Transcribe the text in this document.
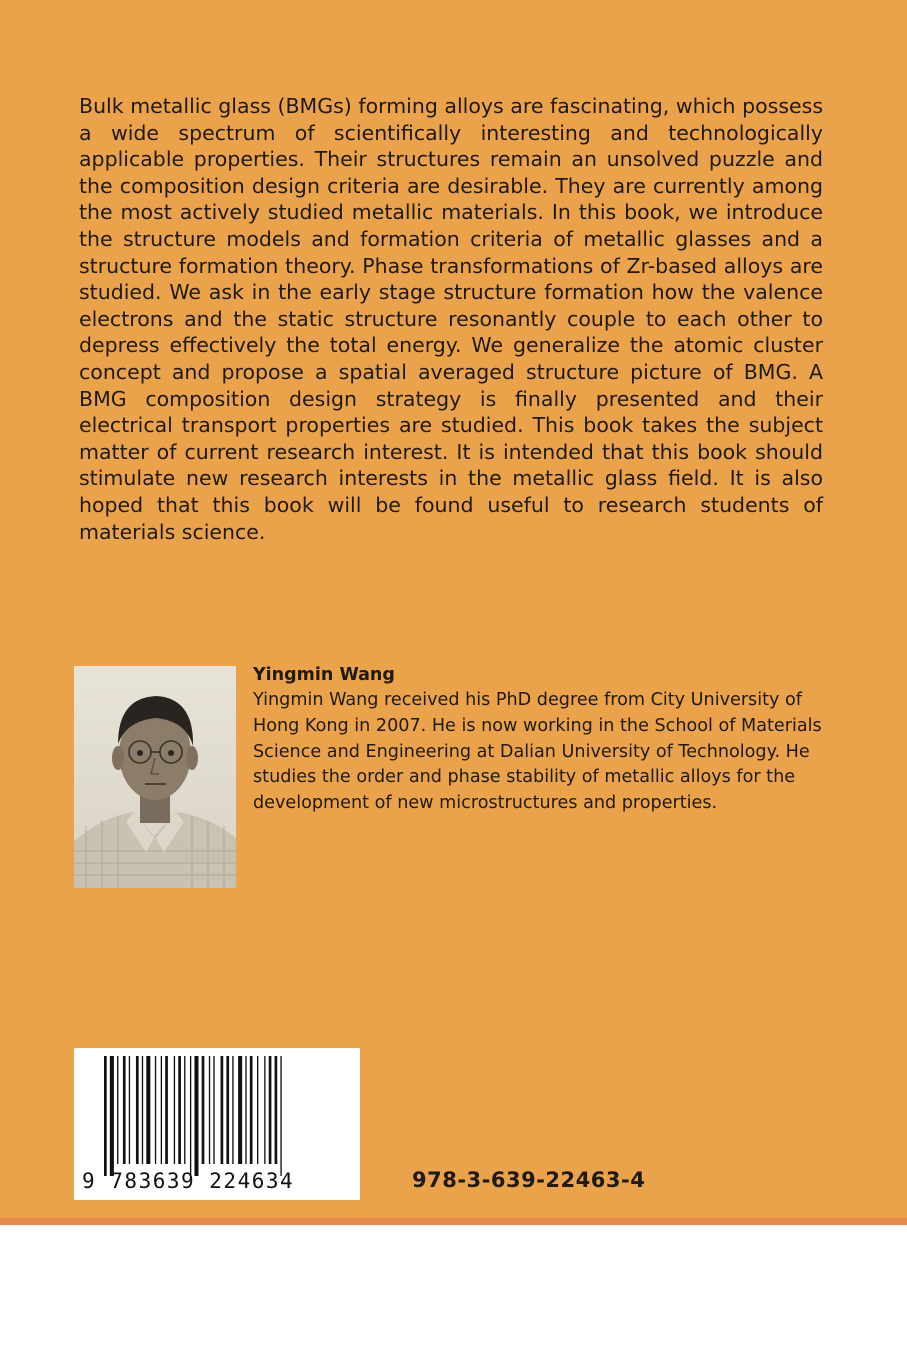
Bulk metallic glass (BMGs) forming alloys are fascinating, which possess a wide spectrum of scientifically interesting and technologically applicable properties. Their structures remain an unsolved puzzle and the composition design criteria are desirable. They are currently among the most actively studied metallic materials. In this book, we introduce the structure models and formation criteria of metallic glasses and a structure formation theory. Phase transformations of Zr-based alloys are studied. We ask in the early stage structure formation how the valence electrons and the static structure resonantly couple to each other to depress effectively the total energy. We generalize the atomic cluster concept and propose a spatial averaged structure picture of BMG. A BMG composition design strategy is finally presented and their electrical transport properties are studied. This book takes the subject matter of current research interest. It is intended that this book should stimulate new research interests in the metallic glass field. It is also hoped that this book will be found useful to research students of materials science.

Yingmin Wang

Yingmin Wang received his PhD degree from City University of Hong Kong in 2007. He is now working in the School of Materials Science and Engineering at Dalian University of Technology. He studies the order and phase stability of metallic alloys for the development of new microstructures and properties.

9 783639 224634	978-3-639-22463-4
